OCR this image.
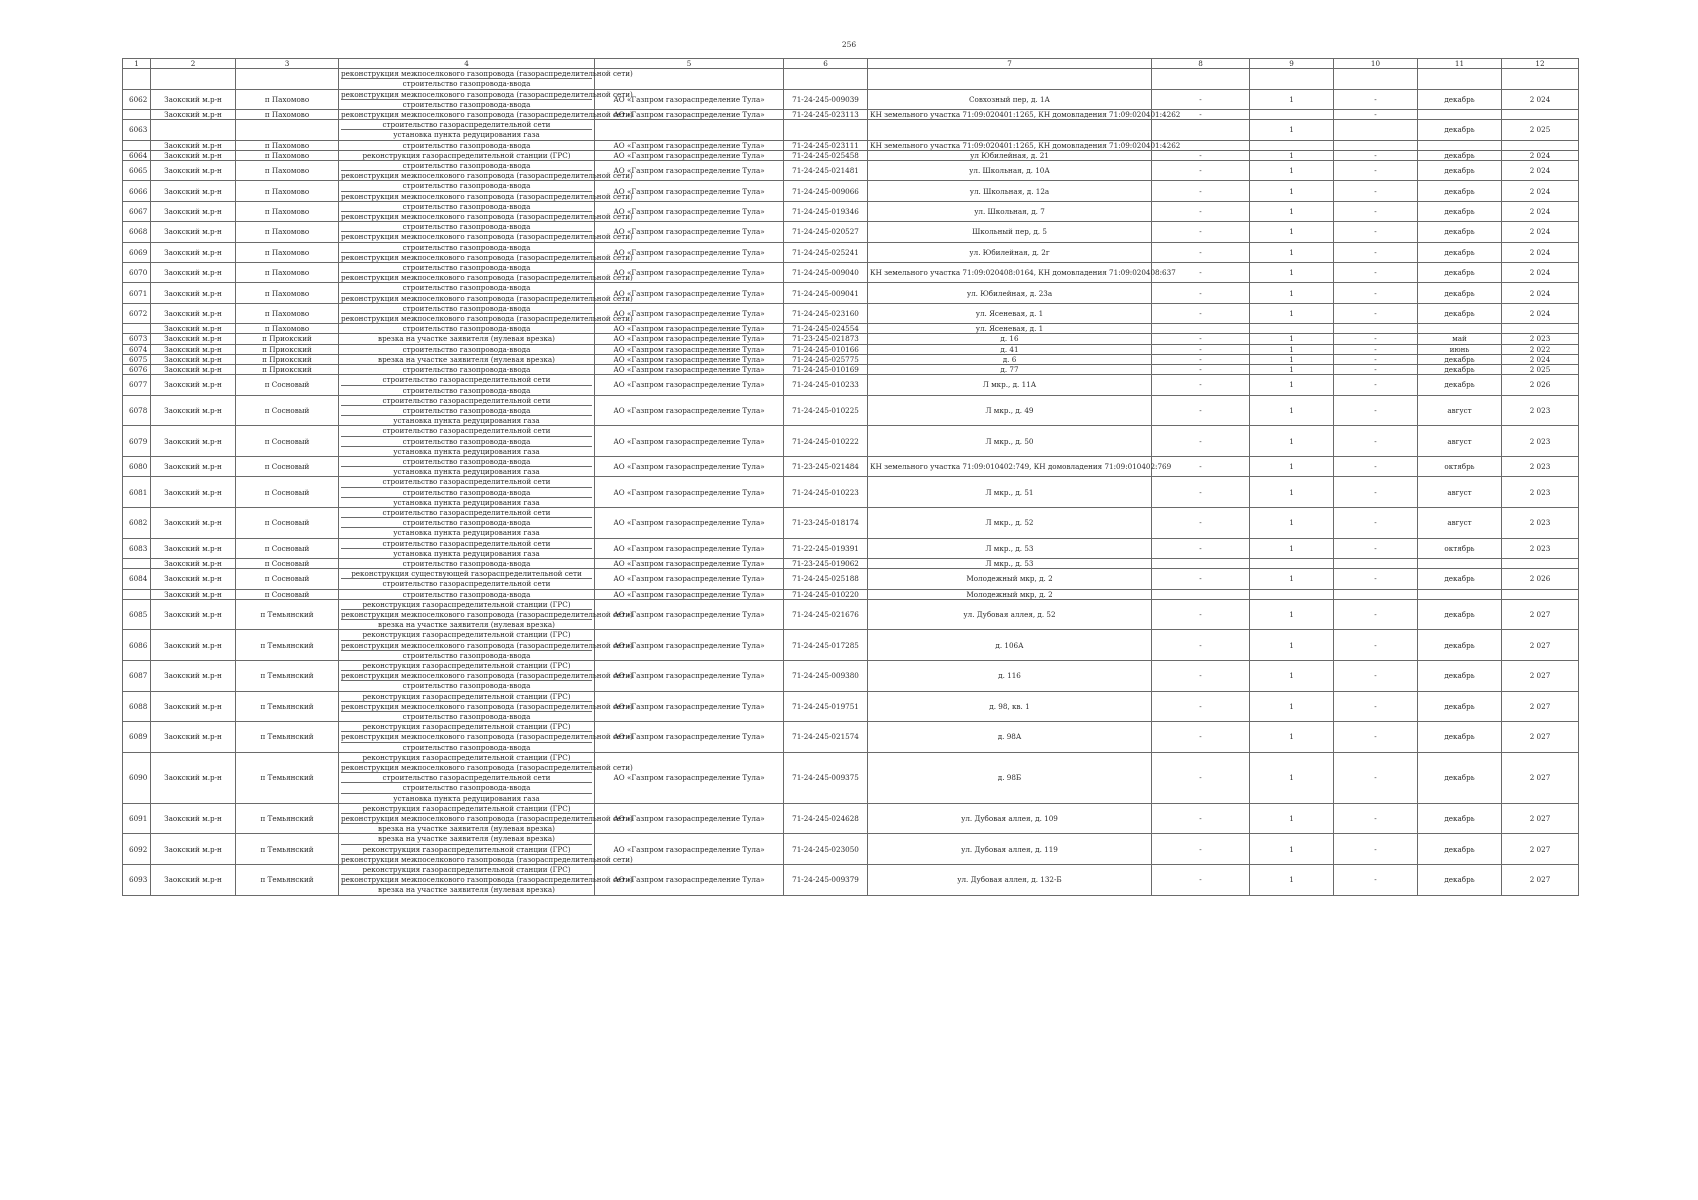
256
1	2	3	4	5	6	7	8	9	10	11	12

			реконструкция межпоселкового газопровода (газораспределительной сети)
строительство газопровода-ввода								

6062	Заокский м.р-н	п Пахомово	реконструкция межпоселкового газопровода (газораспределительной сети)
строительство газопровода-ввода	АО «Газпром газораспределение Тула»	71-24-245-009039	Совхозный пер, д. 1А	-	1	-	декабрь	2 024
	Заокский м.р-н	п Пахомово	реконструкция межпоселкового газопровода (газораспределительной сети)	АО «Газпром газораспределение Тула»	71-24-245-023113	КН земельного участка 71:09:020401:1265, КН домовладения 71:09:020401:4262	-		-		
6063			строительство газораспределительной сети
установка пункта редуцирования газа					1		декабрь	2 025
	Заокский м.р-н	п Пахомово	строительство газопровода-ввода	АО «Газпром газораспределение Тула»	71-24-245-023111	КН земельного участка 71:09:020401:1265, КН домовладения 71:09:020401:4262					
6064	Заокский м.р-н	п Пахомово	реконструкция газораспределительной станции (ГРС)	АО «Газпром газораспределение Тула»	71-24-245-025458	ул Юбилейная, д. 21	-	1	-	декабрь	2 024
6065	Заокский м.р-н	п Пахомово	строительство газопровода-ввода
реконструкция межпоселкового газопровода (газораспределительной сети)	АО «Газпром газораспределение Тула»	71-24-245-021481	ул. Школьная, д. 10А	-	1	-	декабрь	2 024
6066	Заокский м.р-н	п Пахомово	строительство газопровода-ввода
реконструкция межпоселкового газопровода (газораспределительной сети)	АО «Газпром газораспределение Тула»	71-24-245-009066	ул. Школьная, д. 12а	-	1	-	декабрь	2 024
6067	Заокский м.р-н	п Пахомово	строительство газопровода-ввода
реконструкция межпоселкового газопровода (газораспределительной сети)	АО «Газпром газораспределение Тула»	71-24-245-019346	ул. Школьная, д. 7	-	1	-	декабрь	2 024
6068	Заокский м.р-н	п Пахомово	строительство газопровода-ввода
реконструкция межпоселкового газопровода (газораспределительной сети)	АО «Газпром газораспределение Тула»	71-24-245-020527	Школьный пер, д. 5	-	1	-	декабрь	2 024
6069	Заокский м.р-н	п Пахомово	строительство газопровода-ввода
реконструкция межпоселкового газопровода (газораспределительной сети)	АО «Газпром газораспределение Тула»	71-24-245-025241	ул. Юбилейная, д. 2г	-	1	-	декабрь	2 024
6070	Заокский м.р-н	п Пахомово	строительство газопровода-ввода
реконструкция межпоселкового газопровода (газораспределительной сети)	АО «Газпром газораспределение Тула»	71-24-245-009040	КН земельного участка 71:09:020408:0164, КН домовладения 71:09:020408:637	-	1	-	декабрь	2 024
6071	Заокский м.р-н	п Пахомово	строительство газопровода-ввода
реконструкция межпоселкового газопровода (газораспределительной сети)	АО «Газпром газораспределение Тула»	71-24-245-009041	ул. Юбилейная, д. 23а	-	1	-	декабрь	2 024
6072	Заокский м.р-н	п Пахомово	строительство газопровода-ввода
реконструкция межпоселкового газопровода (газораспределительной сети)	АО «Газпром газораспределение Тула»	71-24-245-023160	ул. Ясеневая, д. 1	-	1	-	декабрь	2 024
	Заокский м.р-н	п Пахомово	строительство газопровода-ввода	АО «Газпром газораспределение Тула»	71-24-245-024554	ул. Ясеневая, д. 1					
6073	Заокский м.р-н	п Приокский	врезка на участке заявителя (нулевая врезка)	АО «Газпром газораспределение Тула»	71-23-245-021873	д. 16	-	1	-	май	2 023
6074	Заокский м.р-н	п Приокский	строительство газопровода-ввода	АО «Газпром газораспределение Тула»	71-24-245-010166	д. 41	-	1	-	июнь	2 022
6075	Заокский м.р-н	п Приокский	врезка на участке заявителя (нулевая врезка)	АО «Газпром газораспределение Тула»	71-24-245-025775	д. 6	-	1	-	декабрь	2 024
6076	Заокский м.р-н	п Приокский	строительство газопровода-ввода	АО «Газпром газораспределение Тула»	71-24-245-010169	д. 77	-	1	-	декабрь	2 025
6077	Заокский м.р-н	п Сосновый	строительство газораспределительной сети
строительство газопровода-ввода	АО «Газпром газораспределение Тула»	71-24-245-010233	Л мкр., д. 11А	-	1	-	декабрь	2 026
6078	Заокский м.р-н	п Сосновый	строительство газораспределительной сети
строительство газопровода-ввода
установка пункта редуцирования газа	АО «Газпром газораспределение Тула»	71-24-245-010225	Л мкр., д. 49	-	1	-	август	2 023
6079	Заокский м.р-н	п Сосновый	строительство газораспределительной сети
строительство газопровода-ввода
установка пункта редуцирования газа	АО «Газпром газораспределение Тула»	71-24-245-010222	Л мкр., д. 50	-	1	-	август	2 023
6080	Заокский м.р-н	п Сосновый	строительство газопровода-ввода
установка пункта редуцирования газа	АО «Газпром газораспределение Тула»	71-23-245-021484	КН земельного участка 71:09:010402:749, КН домовладения 71:09:010402:769	-	1	-	октябрь	2 023
6081	Заокский м.р-н	п Сосновый	строительство газораспределительной сети
строительство газопровода-ввода
установка пункта редуцирования газа	АО «Газпром газораспределение Тула»	71-24-245-010223	Л мкр., д. 51	-	1	-	август	2 023
6082	Заокский м.р-н	п Сосновый	строительство газораспределительной сети
строительство газопровода-ввода
установка пункта редуцирования газа	АО «Газпром газораспределение Тула»	71-23-245-018174	Л мкр., д. 52	-	1	-	август	2 023
6083	Заокский м.р-н	п Сосновый	строительство газораспределительной сети
установка пункта редуцирования газа	АО «Газпром газораспределение Тула»	71-22-245-019391	Л мкр., д. 53	-	1	-	октябрь	2 023
	Заокский м.р-н	п Сосновый	строительство газопровода-ввода	АО «Газпром газораспределение Тула»	71-23-245-019062	Л мкр., д. 53					
6084	Заокский м.р-н	п Сосновый	реконструкция существующей газораспределительной сети
строительство газораспределительной сети	АО «Газпром газораспределение Тула»	71-24-245-025188	Молодежный мкр, д. 2	-	1	-	декабрь	2 026
	Заокский м.р-н	п Сосновый	строительство газопровода-ввода	АО «Газпром газораспределение Тула»	71-24-245-010220	Молодежный мкр, д. 2					
6085	Заокский м.р-н	п Темьянский	реконструкция газораспределительной станции (ГРС)
реконструкция межпоселкового газопровода (газораспределительной сети)
врезка на участке заявителя (нулевая врезка)	АО «Газпром газораспределение Тула»	71-24-245-021676	ул. Дубовая аллея, д. 52	-	1	-	декабрь	2 027
6086	Заокский м.р-н	п Темьянский	реконструкция газораспределительной станции (ГРС)
реконструкция межпоселкового газопровода (газораспределительной сети)
строительство газопровода-ввода	АО «Газпром газораспределение Тула»	71-24-245-017285	д. 106А	-	1	-	декабрь	2 027
6087	Заокский м.р-н	п Темьянский	реконструкция газораспределительной станции (ГРС)
реконструкция межпоселкового газопровода (газораспределительной сети)
строительство газопровода-ввода	АО «Газпром газораспределение Тула»	71-24-245-009380	д. 116	-	1	-	декабрь	2 027
6088	Заокский м.р-н	п Темьянский	реконструкция газораспределительной станции (ГРС)
реконструкция межпоселкового газопровода (газораспределительной сети)
строительство газопровода-ввода	АО «Газпром газораспределение Тула»	71-24-245-019751	д. 98, кв. 1	-	1	-	декабрь	2 027
6089	Заокский м.р-н	п Темьянский	реконструкция газораспределительной станции (ГРС)
реконструкция межпоселкового газопровода (газораспределительной сети)
строительство газопровода-ввода	АО «Газпром газораспределение Тула»	71-24-245-021574	д. 98А	-	1	-	декабрь	2 027
6090	Заокский м.р-н	п Темьянский	реконструкция газораспределительной станции (ГРС)
реконструкция межпоселкового газопровода (газораспределительной сети)
строительство газораспределительной сети
строительство газопровода-ввода
установка пункта редуцирования газа	АО «Газпром газораспределение Тула»	71-24-245-009375	д. 98Б	-	1	-	декабрь	2 027
6091	Заокский м.р-н	п Темьянский	реконструкция газораспределительной станции (ГРС)
реконструкция межпоселкового газопровода (газораспределительной сети)
врезка на участке заявителя (нулевая врезка)	АО «Газпром газораспределение Тула»	71-24-245-024628	ул. Дубовая аллея, д. 109	-	1	-	декабрь	2 027
6092	Заокский м.р-н	п Темьянский	врезка на участке заявителя (нулевая врезка)
реконструкция газораспределительной станции (ГРС)
реконструкция межпоселкового газопровода (газораспределительной сети)	АО «Газпром газораспределение Тула»	71-24-245-023050	ул. Дубовая аллея, д. 119	-	1	-	декабрь	2 027
6093	Заокский м.р-н	п Темьянский	реконструкция газораспределительной станции (ГРС)
реконструкция межпоселкового газопровода (газораспределительной сети)
врезка на участке заявителя (нулевая врезка)	АО «Газпром газораспределение Тула»	71-24-245-009379	ул. Дубовая аллея, д. 132-Б	-	1	-	декабрь	2 027
